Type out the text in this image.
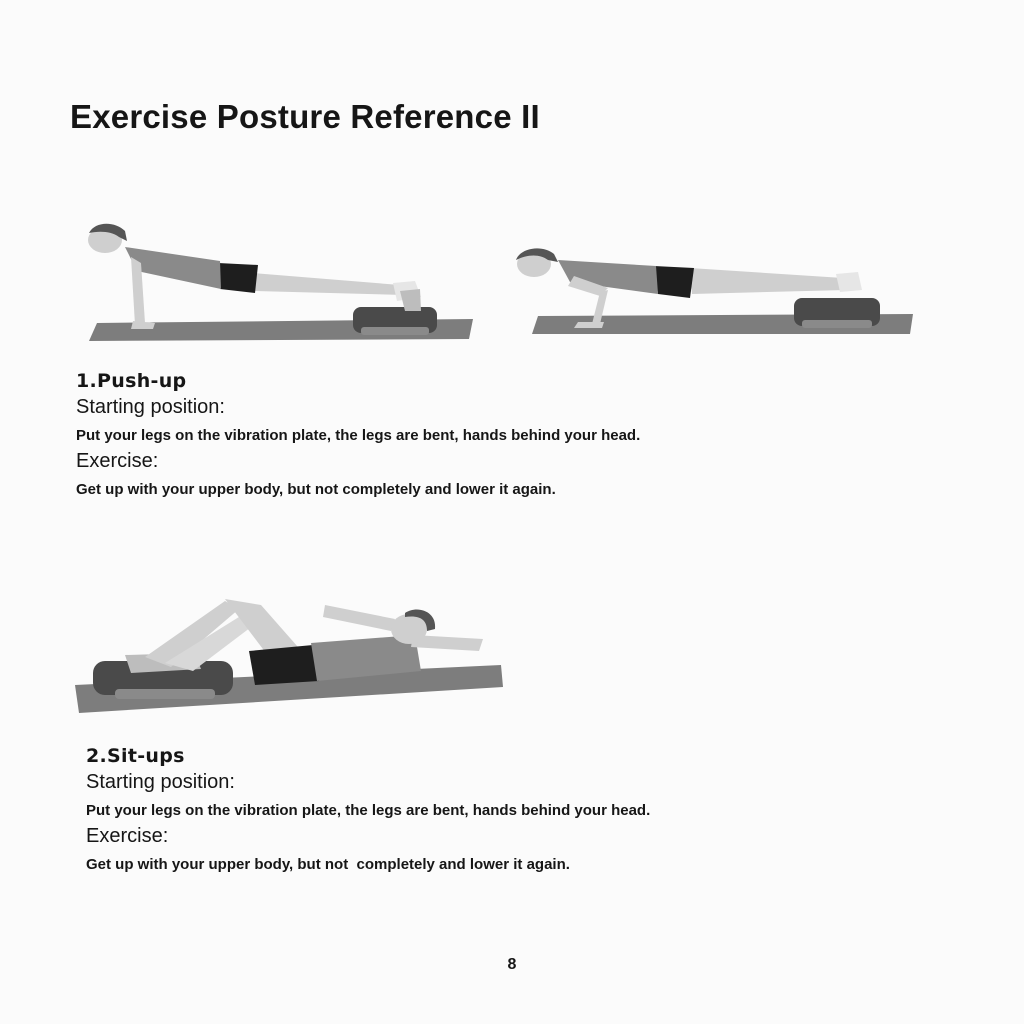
Exercise Posture Reference II
1.Push-up

Starting position:

Put your legs on the vibration plate, the legs are bent, hands behind your head.

Exercise:

Get up with your upper body, but not completely and lower it again.

2.Sit-ups

Starting position:

Put your legs on the vibration plate, the legs are bent, hands behind your head.

Exercise:

Get up with your upper body, but not  completely and lower it again.

8
